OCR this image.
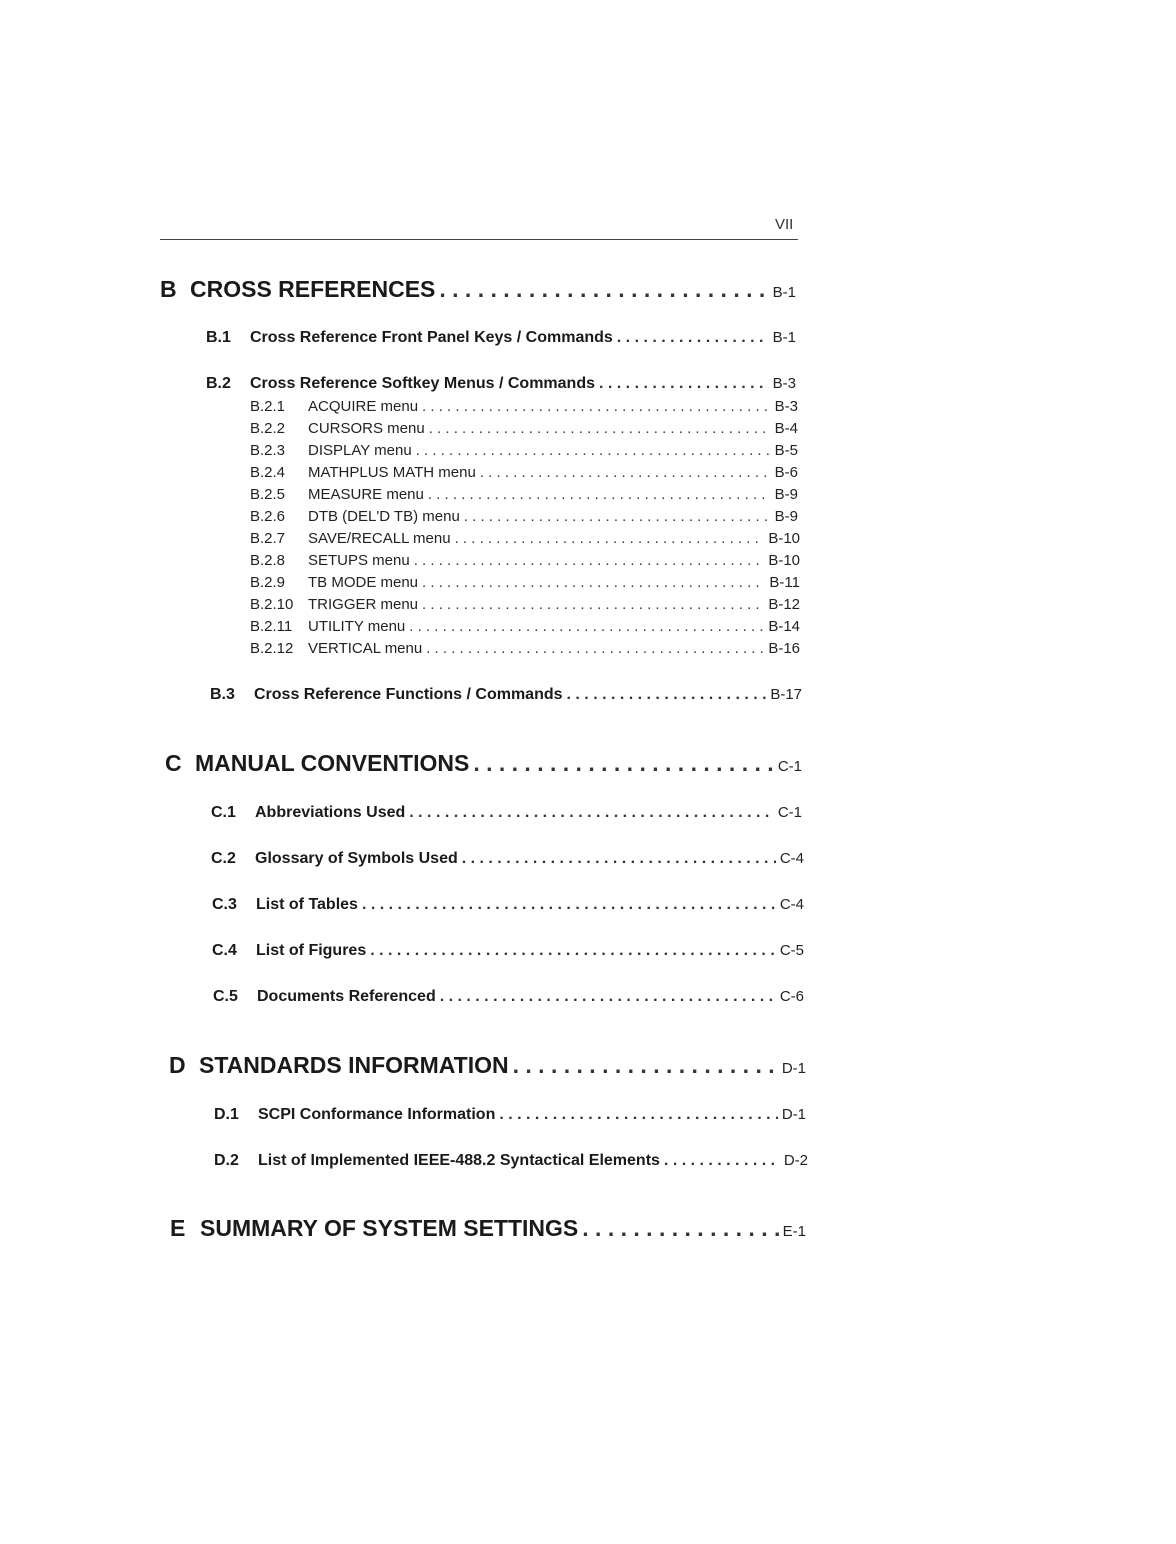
VII
B CROSS REFERENCES . . .	B-1
B.1	Cross Reference Front Panel Keys / Commands . . .	B-1
B.2	Cross Reference Softkey Menus / Commands . . .	B-3
B.2.1	ACQUIRE menu . . .	B-3
B.2.2	CURSORS menu . . .	B-4
B.2.3	DISPLAY menu . . .	B-5
B.2.4	MATHPLUS MATH menu . . .	B-6
B.2.5	MEASURE menu . . .	B-9
B.2.6	DTB (DEL'D TB) menu . . .	B-9
B.2.7	SAVE/RECALL menu . . .	B-10
B.2.8	SETUPS menu . . .	B-10
B.2.9	TB MODE menu . . .	B-11
B.2.10 TRIGGER menu . . .	B-12
B.2.11	UTILITY menu . . .	B-14
B.2.12 VERTICAL menu . . .	B-16
B.3	Cross Reference Functions / Commands . . .	B-17
C MANUAL CONVENTIONS . . .	C-1
C.1	Abbreviations Used . . .	C-1
C.2	Glossary of Symbols Used . . .	C-4
C.3	List of Tables . . .	C-4
C.4	List of Figures . . .	C-5
C.5	Documents Referenced . . .	C-6
D STANDARDS INFORMATION . . .	D-1
D.1	SCPI Conformance Information . . .	D-1
D.2	List of Implemented IEEE-488.2 Syntactical Elements . . .	D-2
E SUMMARY OF SYSTEM SETTINGS . . .	E-1
